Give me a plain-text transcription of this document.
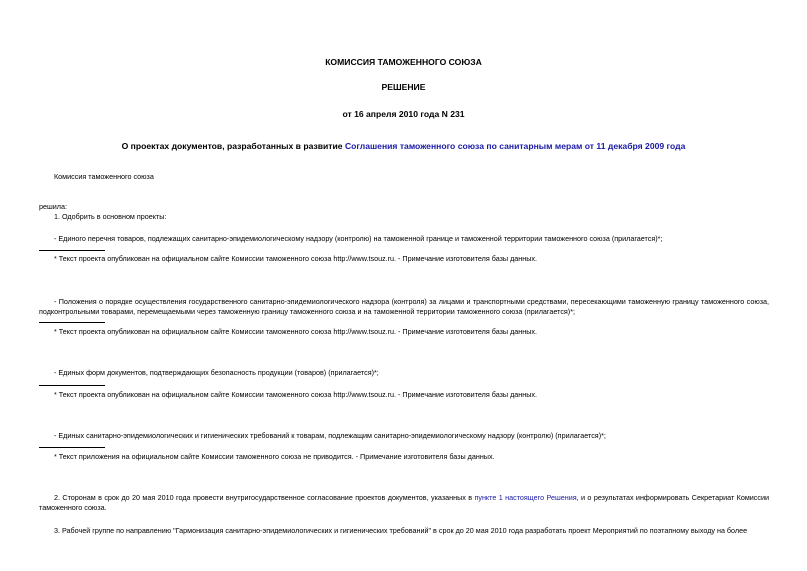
КОМИССИЯ ТАМОЖЕННОГО СОЮЗА
РЕШЕНИЕ
от 16 апреля 2010 года N 231
О проектах документов, разработанных в развитие Соглашения таможенного союза по санитарным мерам от 11 декабря 2009 года
Комиссия таможенного союза
решила:
1. Одобрить в основном проекты:
- Единого перечня товаров, подлежащих санитарно-эпидемиологическому надзору (контролю) на таможенной границе и таможенной территории таможенного союза (прилагается)*;
* Текст проекта опубликован на официальном сайте Комиссии таможенного союза http://www.tsouz.ru. - Примечание изготовителя базы данных.
- Положения о порядке осуществления государственного санитарно-эпидемиологического надзора (контроля) за лицами и транспортными средствами, пересекающими таможенную границу таможенного союза, подконтрольными товарами, перемещаемыми через таможенную границу таможенного союза и на таможенной территории таможенного союза (прилагается)*;
* Текст проекта опубликован на официальном сайте Комиссии таможенного союза http://www.tsouz.ru. - Примечание изготовителя базы данных.
- Единых форм документов, подтверждающих безопасность продукции (товаров) (прилагается)*;
* Текст проекта опубликован на официальном сайте Комиссии таможенного союза http://www.tsouz.ru. - Примечание изготовителя базы данных.
- Единых санитарно-эпидемиологических и гигиенических требований к товарам, подлежащим санитарно-эпидемиологическому надзору (контролю) (прилагается)*;
* Текст приложения на официальном сайте Комиссии таможенного союза не приводится. - Примечание изготовителя базы данных.
2. Сторонам в срок до 20 мая 2010 года провести внутригосударственное согласование проектов документов, указанных в пункте 1 настоящего Решения, и о результатах информировать Секретариат Комиссии таможенного союза.
3. Рабочей группе по направлению "Гармонизация санитарно-эпидемиологических и гигиенических требований" в срок до 20 мая 2010 года разработать проект Мероприятий по поэтапному выходу на более
